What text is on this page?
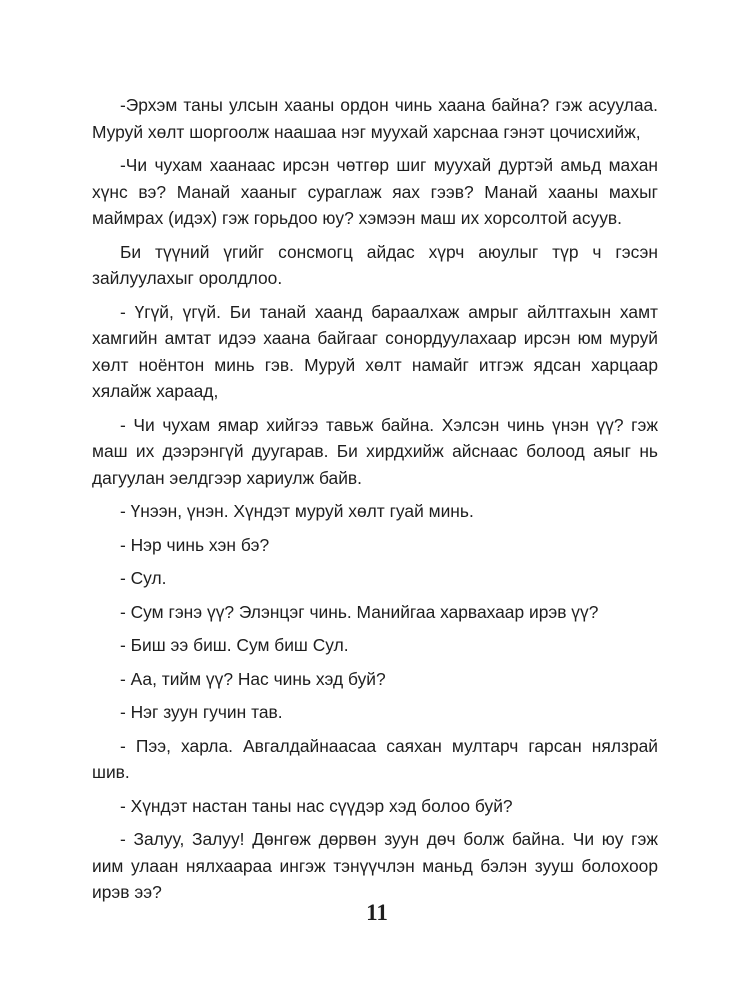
-Эрхэм таны улсын хааны ордон чинь хаана байна? гэж асуулаа. Муруй хөлт шоргоолж наашаа нэг муухай харснаа гэнэт цочисхийж,

-Чи чухам хаанаас ирсэн чөтгөр шиг муухай дуртэй амьд махан хүнс вэ? Манай хааныг сураглаж яах гээв? Манай хааны махыг маймрах (идэх) гэж горьдоо юу? хэмээн маш их хорсолтой асуув.

Би түүний үгийг сонсмогц айдас хүрч аюулыг түр ч гэсэн зайлуулахыг оролдлоо.

- Үгүй, үгүй. Би танай хаанд бараалхаж амрыг айлтгахын хамт хамгийн амтат идээ хаана байгааг сонордуулахаар ирсэн юм муруй хөлт ноёнтон минь гэв. Муруй хөлт намайг итгэж ядсан харцаар хялайж хараад,

- Чи чухам ямар хийгээ тавьж байна. Хэлсэн чинь үнэн үү? гэж маш их дээрэнгүй дуугарав. Би хирдхийж айснаас болоод аяыг нь дагуулан эелдгээр хариулж байв.

- Үнээн, үнэн. Хүндэт муруй хөлт гуай минь.

- Нэр чинь хэн бэ?

- Сул.

- Сум гэнэ үү? Элэнцэг чинь. Манийгаа харвахаар ирэв үү?

- Биш ээ биш. Сум биш Сул.

- Аа, тийм үү? Нас чинь хэд буй?

- Нэг зуун гучин тав.

- Пээ, харла. Авгалдайнаасаа саяхан мултарч гарсан нялзрай шив.

- Хүндэт настан таны нас сүүдэр хэд болоо буй?

- Залуу, Залуу! Дөнгөж дөрвөн зуун дөч болж байна. Чи юу гэж иим улаан нялхаараа ингэж тэнүүчлэн маньд бэлэн зууш болохоор ирэв ээ?

11
